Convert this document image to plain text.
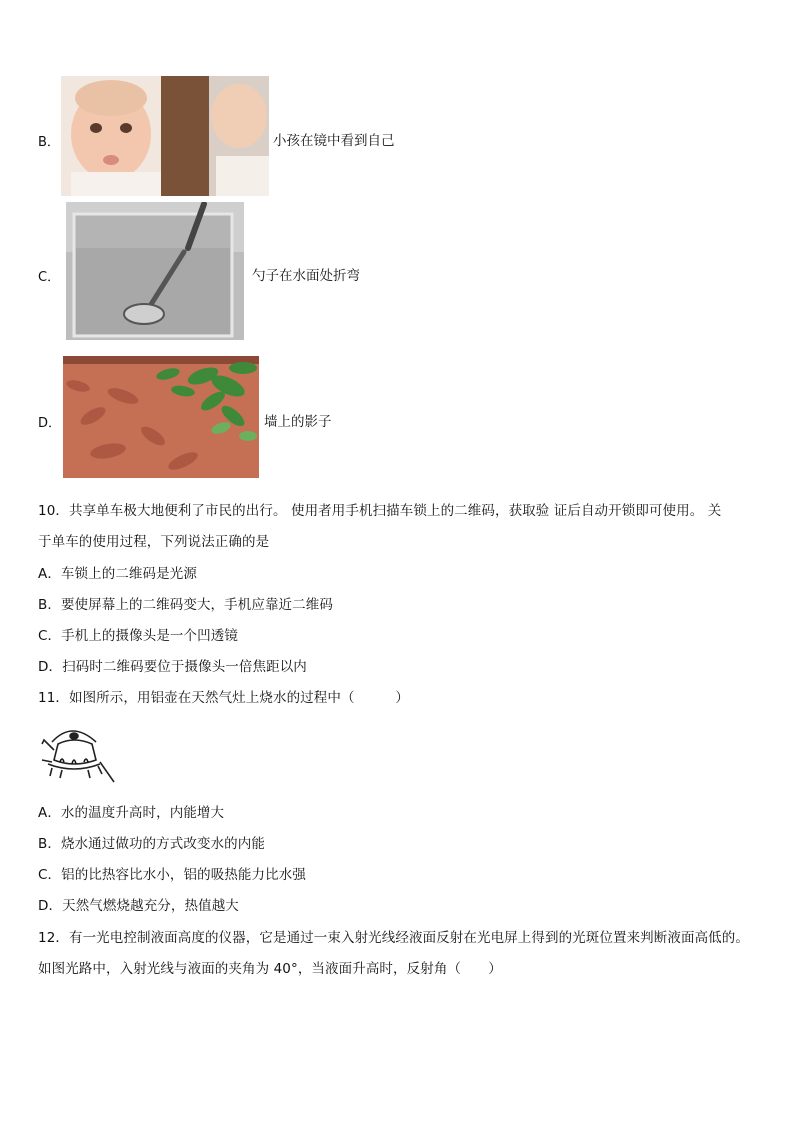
B．	小孩在镜中看到自己
C．	勺子在水面处折弯
D．	墙上的影子
10．共享单车极大地便利了市民的出行。 使用者用手机扫描车锁上的二维码，获取验 证后自动开锁即可使用。 关
于单车的使用过程，下列说法正确的是
A．车锁上的二维码是光源
B．要使屏幕上的二维码变大，手机应靠近二维码
C．手机上的摄像头是一个凹透镜
D．扫码时二维码要位于摄像头一倍焦距以内
11．如图所示，用铝壶在天然气灶上烧水的过程中（　　　）
A．水的温度升高时，内能增大
B．烧水通过做功的方式改变水的内能
C．铝的比热容比水小，铝的吸热能力比水强
D．天然气燃烧越充分，热值越大
12．有一光电控制液面高度的仪器，它是通过一束入射光线经液面反射在光电屏上得到的光斑位置来判断液面高低的。
如图光路中，入射光线与液面的夹角为 40°，当液面升高时，反射角（　　）
